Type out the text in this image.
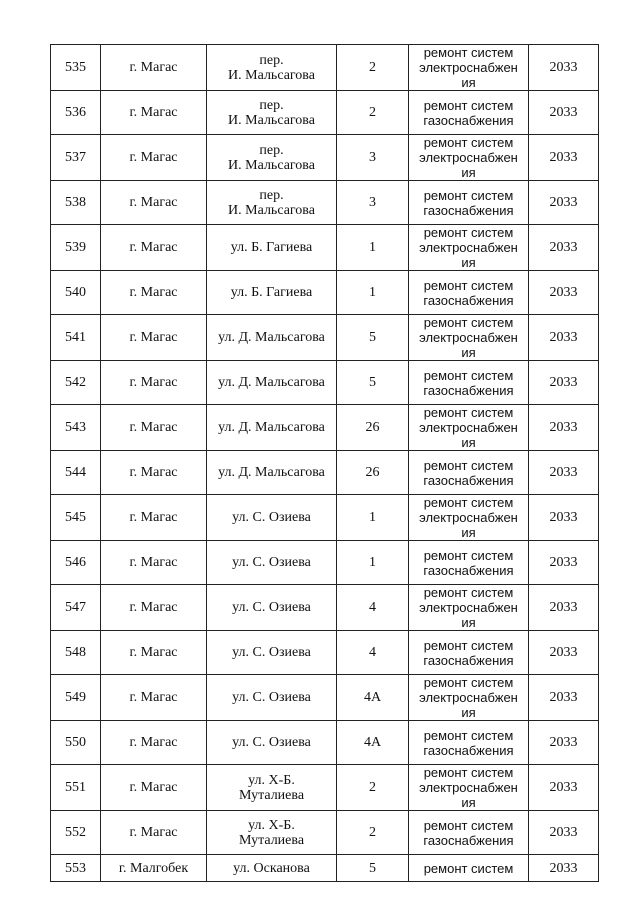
535	г. Магас	пер.
И. Мальсагова	2	ремонт систем
электроснабжен
ия	2033
536	г. Магас	пер.
И. Мальсагова	2	ремонт систем
газоснабжения	2033
537	г. Магас	пер.
И. Мальсагова	3	ремонт систем
электроснабжен
ия	2033
538	г. Магас	пер.
И. Мальсагова	3	ремонт систем
газоснабжения	2033
539	г. Магас	ул. Б. Гагиева	1	ремонт систем
электроснабжен
ия	2033
540	г. Магас	ул. Б. Гагиева	1	ремонт систем
газоснабжения	2033
541	г. Магас	ул. Д. Мальсагова	5	ремонт систем
электроснабжен
ия	2033
542	г. Магас	ул. Д. Мальсагова	5	ремонт систем
газоснабжения	2033
543	г. Магас	ул. Д. Мальсагова	26	ремонт систем
электроснабжен
ия	2033
544	г. Магас	ул. Д. Мальсагова	26	ремонт систем
газоснабжения	2033
545	г. Магас	ул. С. Озиева	1	ремонт систем
электроснабжен
ия	2033
546	г. Магас	ул. С. Озиева	1	ремонт систем
газоснабжения	2033
547	г. Магас	ул. С. Озиева	4	ремонт систем
электроснабжен
ия	2033
548	г. Магас	ул. С. Озиева	4	ремонт систем
газоснабжения	2033
549	г. Магас	ул. С. Озиева	4А	ремонт систем
электроснабжен
ия	2033
550	г. Магас	ул. С. Озиева	4А	ремонт систем
газоснабжения	2033
551	г. Магас	ул. Х-Б.
Муталиева	2	ремонт систем
электроснабжен
ия	2033
552	г. Магас	ул. Х-Б.
Муталиева	2	ремонт систем
газоснабжения	2033
553	г. Малгобек	ул. Осканова	5	ремонт систем	2033
